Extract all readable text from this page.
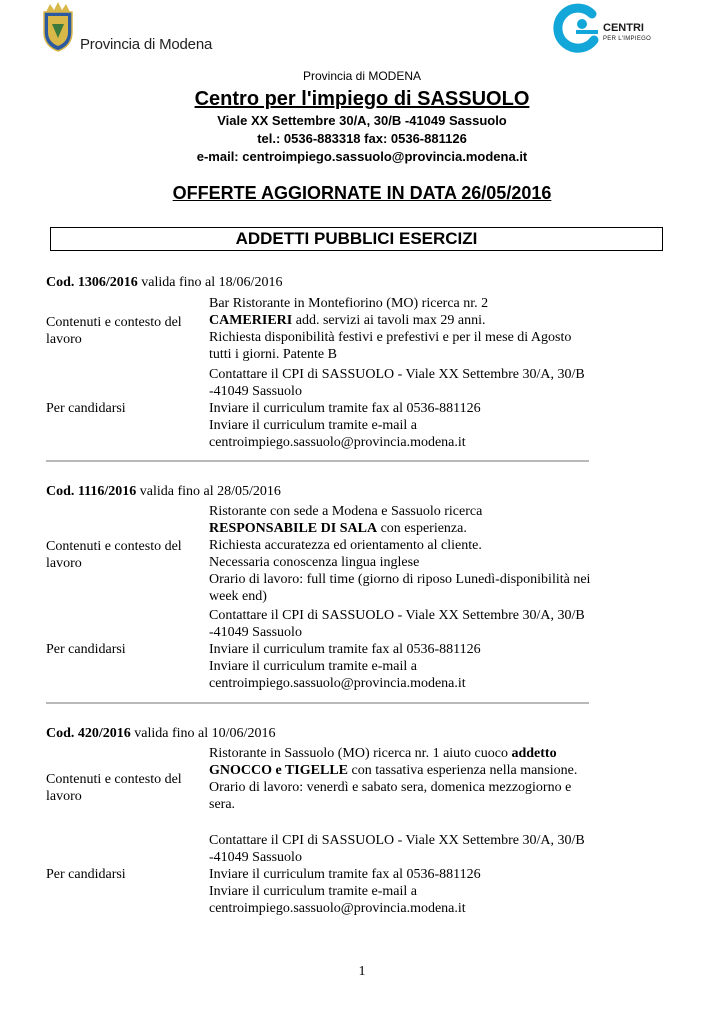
Provincia di Modena
CENTRI
PER L'IMPIEGO
Provincia di MODENA
Centro per l'impiego di SASSUOLO
Viale XX Settembre 30/A, 30/B -41049 Sassuolo
tel.: 0536-883318 fax: 0536-881126
e-mail: centroimpiego.sassuolo@provincia.modena.it
OFFERTE AGGIORNATE IN DATA 26/05/2016
ADDETTI PUBBLICI ESERCIZI
Cod. 1306/2016 valida fino al 18/06/2016
Contenuti e contesto del lavoro
Bar Ristorante in Montefiorino (MO) ricerca nr. 2
CAMERIERI add. servizi ai tavoli max 29 anni.
Richiesta disponibilità festivi e prefestivi e per il mese di Agosto tutti i giorni. Patente B
Per candidarsi
Contattare il CPI di SASSUOLO - Viale XX Settembre 30/A, 30/B -41049 Sassuolo
Inviare il curriculum tramite fax al 0536-881126
Inviare il curriculum tramite e-mail a centroimpiego.sassuolo@provincia.modena.it
Cod. 1116/2016 valida fino al 28/05/2016
Contenuti e contesto del lavoro
Ristorante con sede a Modena e Sassuolo ricerca
RESPONSABILE DI SALA con esperienza.
Richiesta accuratezza ed orientamento al cliente.
Necessaria conoscenza lingua inglese
Orario di lavoro: full time (giorno di riposo Lunedì-disponibilità nei week end)
Per candidarsi
Contattare il CPI di SASSUOLO - Viale XX Settembre 30/A, 30/B -41049 Sassuolo
Inviare il curriculum tramite fax al 0536-881126
Inviare il curriculum tramite e-mail a centroimpiego.sassuolo@provincia.modena.it
Cod. 420/2016 valida fino al 10/06/2016
Contenuti e contesto del lavoro
Ristorante in Sassuolo (MO) ricerca nr. 1 aiuto cuoco addetto GNOCCO e TIGELLE con tassativa esperienza nella mansione.
Orario di lavoro: venerdì e sabato sera, domenica mezzogiorno e sera.
Per candidarsi
Contattare il CPI di SASSUOLO - Viale XX Settembre 30/A, 30/B -41049 Sassuolo
Inviare il curriculum tramite fax al 0536-881126
Inviare il curriculum tramite e-mail a centroimpiego.sassuolo@provincia.modena.it
1
